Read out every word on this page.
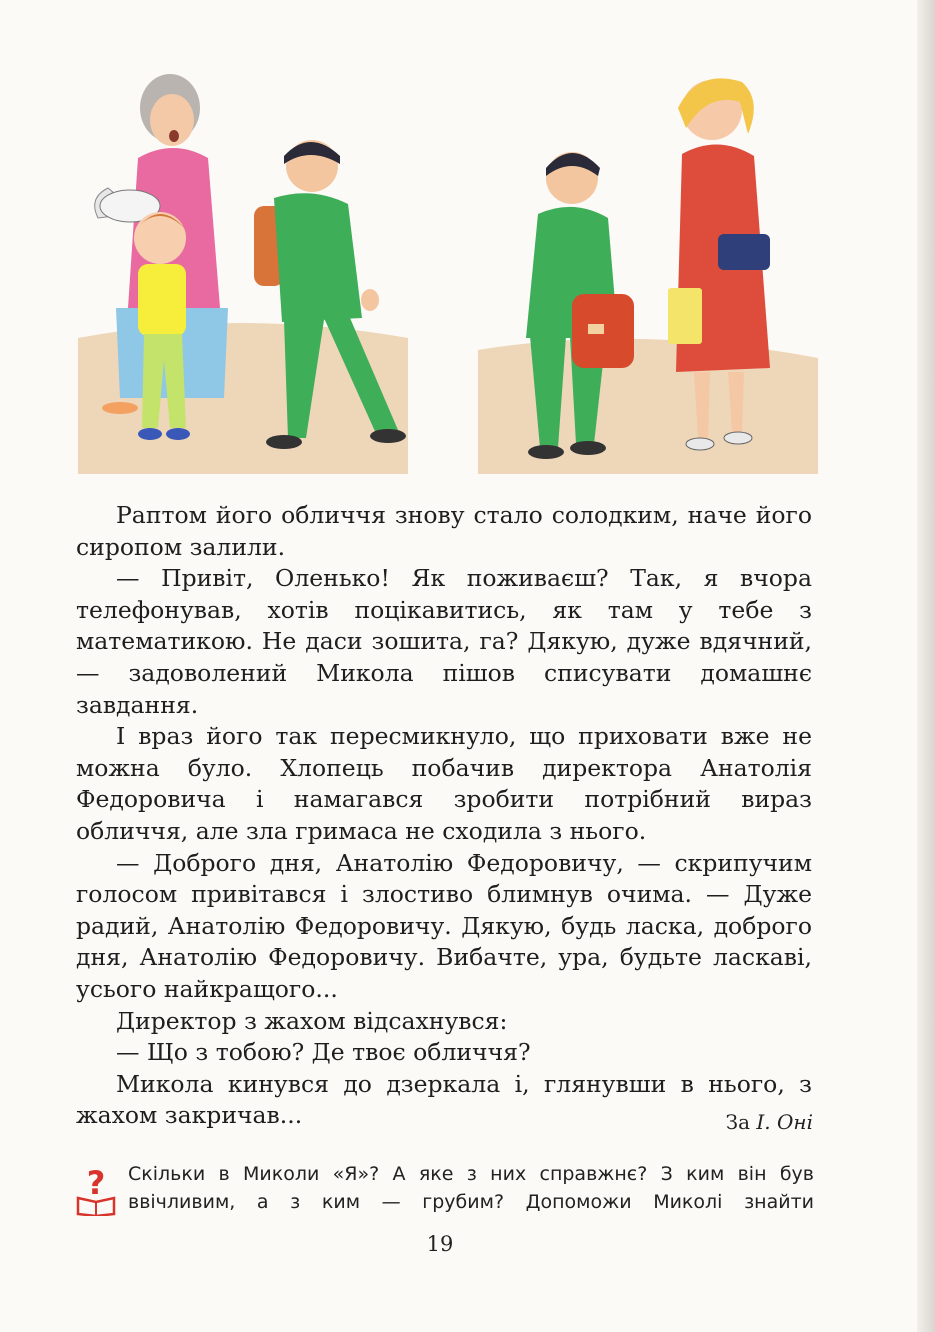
Раптом його обличчя знову стало солодким, наче його сиропом залили.

— Привіт, Оленько! Як поживаєш? Так, я вчора телефонував, хотів поцікавитись, як там у тебе з математикою. Не даси зошита, га? Дякую, дуже вдячний, — задоволений Микола пішов списувати домашнє завдання.

І враз його так пересмикнуло, що приховати вже не можна було. Хлопець побачив директора Анатолія Федоровича і намагався зробити потрібний вираз обличчя, але зла гримаса не сходила з нього.

— Доброго дня, Анатолію Федоровичу, — скрипучим голосом привітався і злостиво блимнув очима. — Дуже радий, Анатолію Федоровичу. Дякую, будь ласка, доброго дня, Анатолію Федоровичу. Вибачте, ура, будьте ласкаві, усього найкращого...

Директор з жахом відсахнувся:

— Що з тобою? Де твоє обличчя?

Микола кинувся до дзеркала і, глянувши в нього, з жахом закричав...	За І. Оні
? Скільки в Миколи «Я»? А яке з них справжнє? З ким він був ввічливим, а з ким — грубим? Допоможи Миколі знайти
19
